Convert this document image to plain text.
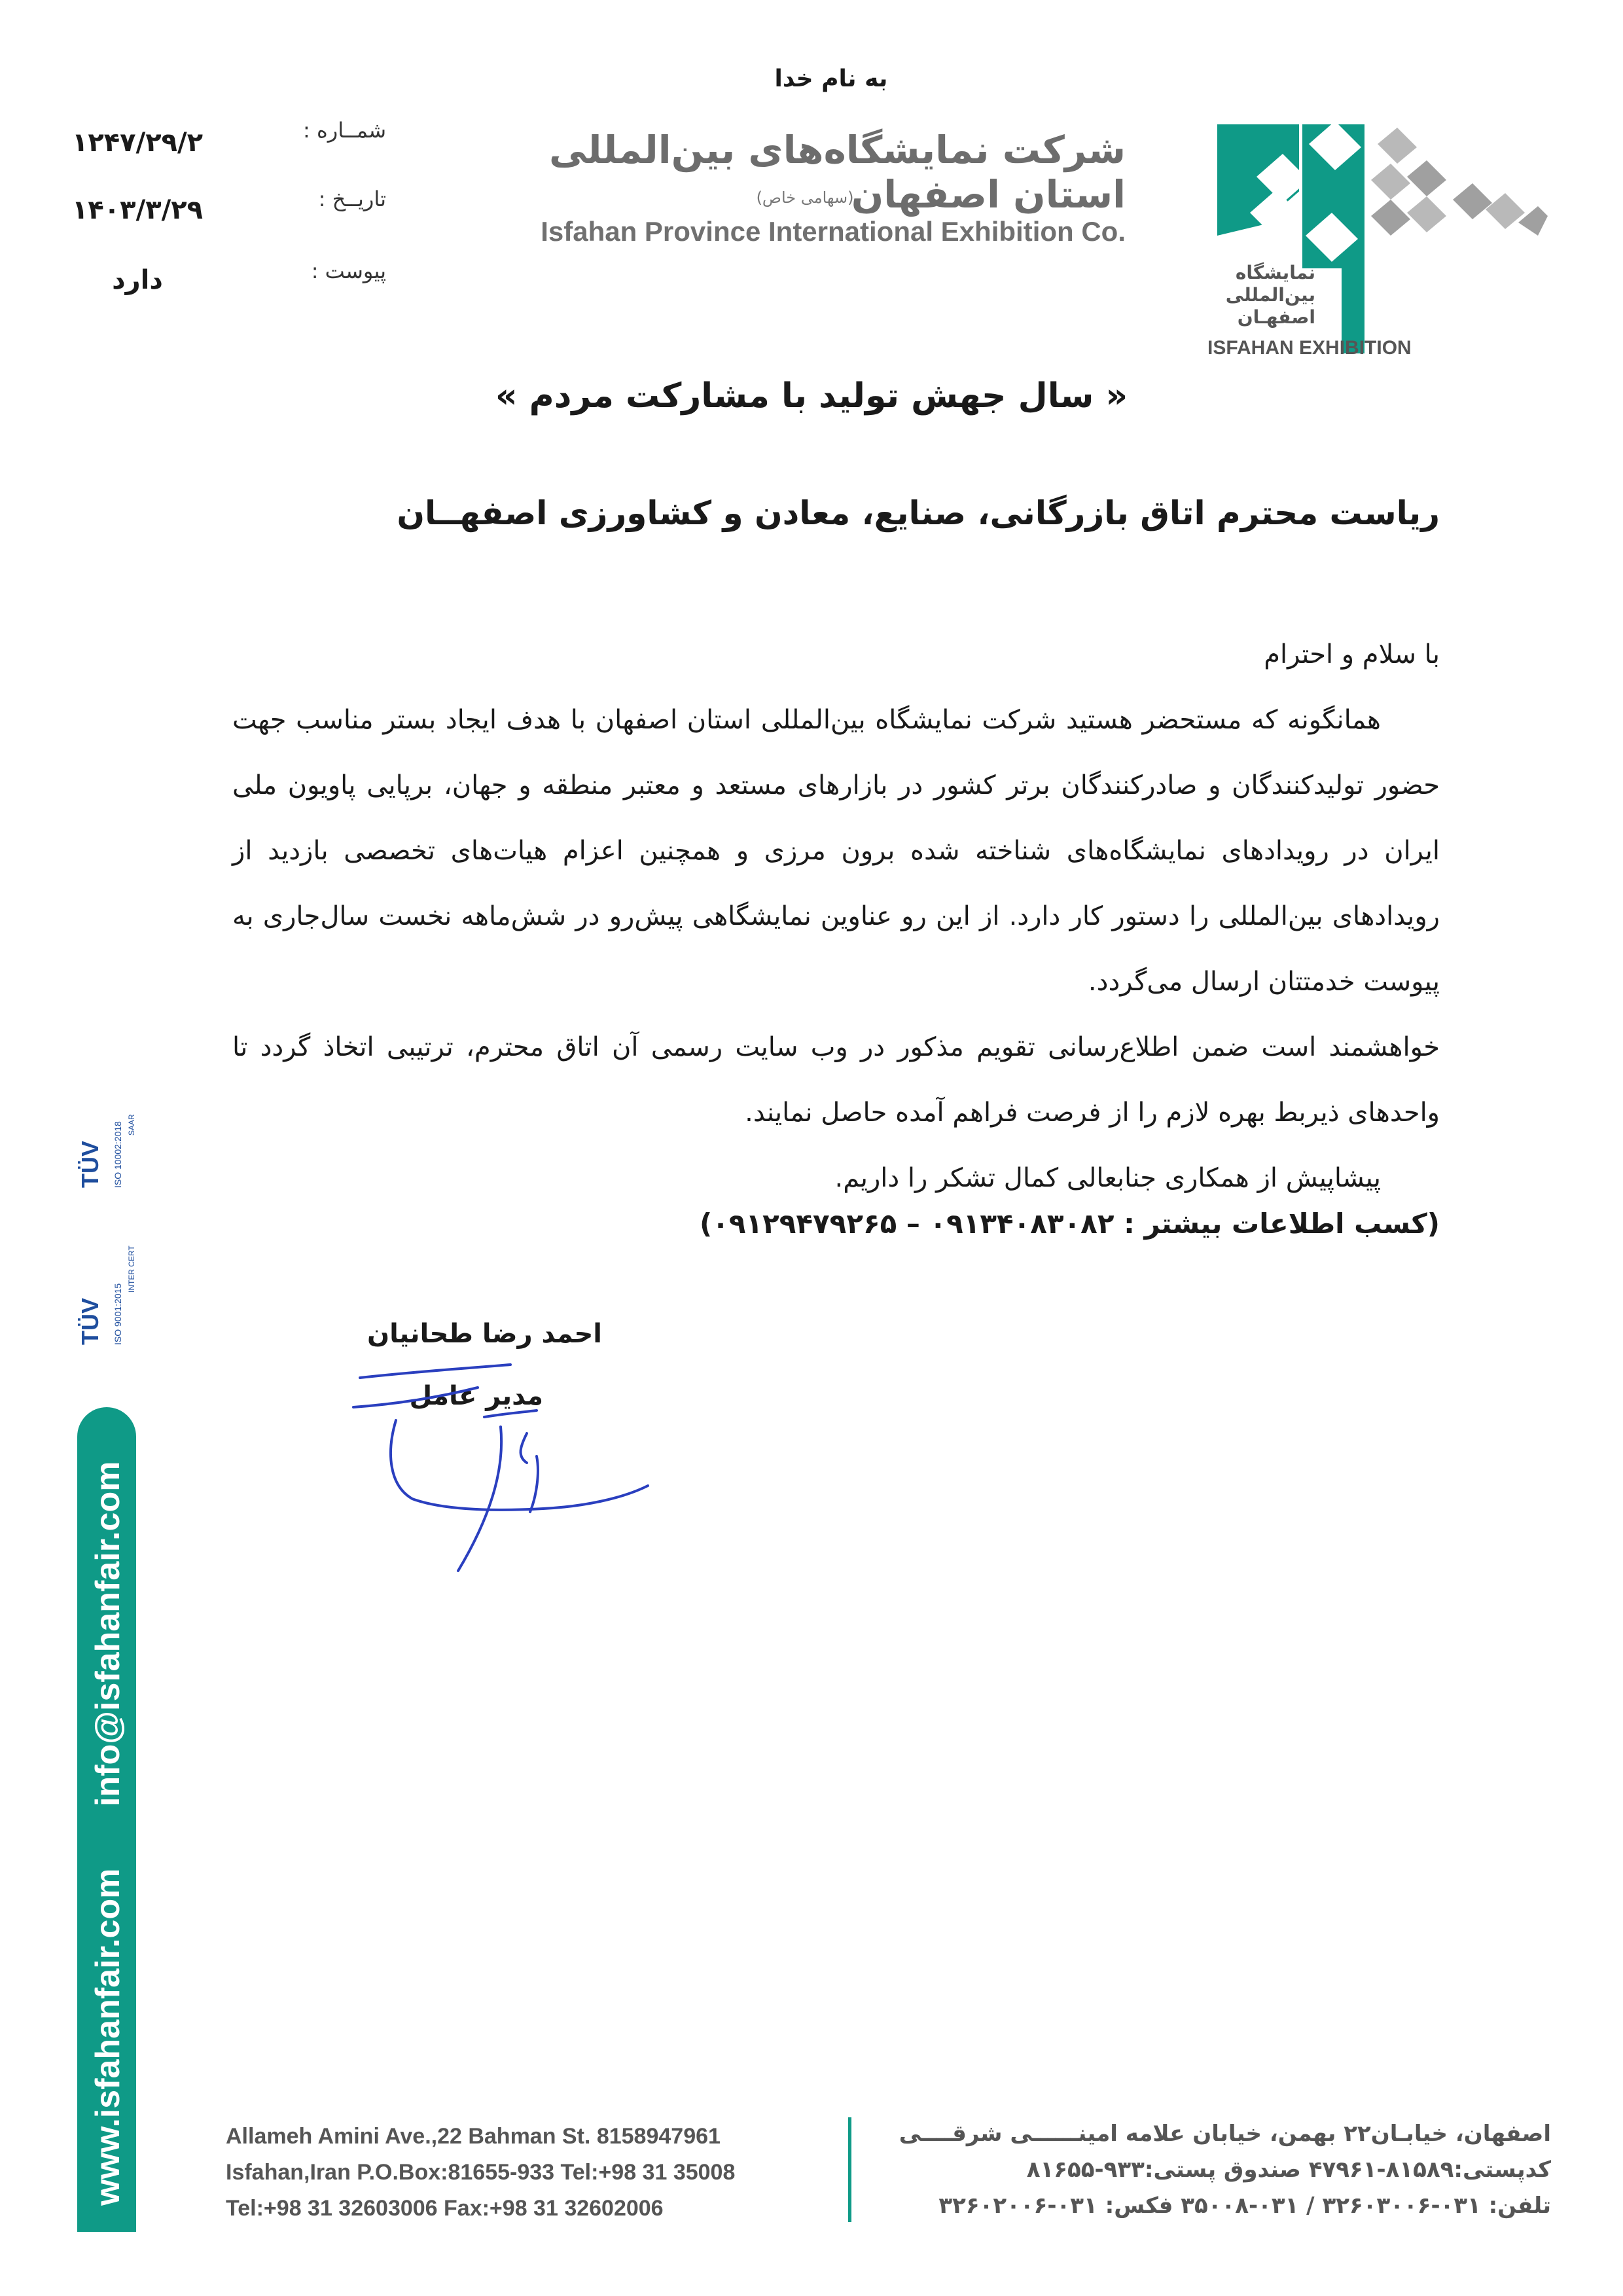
به نام خدا
شمــاره :
۱۲۴۷/۲۹/۲
تاریــخ :
۱۴۰۳/۳/۲۹
پیوست :
دارد
شرکت نمایشگاه‌های بین‌المللی استان اصفهان
(سهامی خاص)
Isfahan Province International Exhibition Co.
نمایشگاه
بین‌المللی
اصفهـان
ISFAHAN EXHIBITION
« سال جهش تولید با مشارکت مردم »
ریاست محترم اتاق بازرگانی، صنایع، معادن و کشاورزی اصفهــان

با سلام و احترام

همانگونه که مستحضر هستید شرکت نمایشگاه بین‌المللی استان اصفهان با هدف ایجاد بستر مناسب جهت حضور تولیدکنندگان و صادرکنندگان برتر کشور در بازارهای مستعد و معتبر منطقه و جهان، برپایی پاویون ملی ایران در رویدادهای نمایشگاه‌های شناخته شده برون مرزی و همچنین اعزام هیات‌های تخصصی بازدید از رویدادهای بین‌المللی را دستور کار دارد. از این رو عناوین نمایشگاهی پیش‌رو در شش‌ماهه نخست سال‌جاری به پیوست خدمتتان ارسال می‌گردد.

خواهشمند است ضمن اطلاع‌رسانی تقویم مذکور در وب سایت رسمی آن اتاق محترم، ترتیبی اتخاذ گردد تا واحدهای ذیربط بهره لازم را از فرصت فراهم آمده حاصل نمایند.

پیشاپیش از همکاری جنابعالی کمال تشکر را داریم.

(کسب اطلاعات بیشتر : ۰۹۱۳۴۰۸۳۰۸۲ – ۰۹۱۲۹۴۷۹۲۶۵)
احمد رضا طحانیان
مدیر عامل
TÜV ISO 9001:2015
TÜV ISO 10002:2018
INTER CERT
SAAR
info@isfahanfair.com
www.isfahanfair.com	Allameh Amini Ave.,22 Bahman St. 8158947961
Isfahan,Iran P.O.Box:81655-933 Tel:+98 31 35008
Tel:+98 31 32603006 Fax:+98 31 32602006
اصفهان، خیابـان۲۲ بهمن، خیابان علامه امینــــــی شرقــــی
کدپستی:۸۱۵۸۹-۴۷۹۶۱ صندوق پستی:۹۳۳-۸۱۶۵۵
تلفن: ۰۳۱-۳۲۶۰۳۰۰۶ / ۰۳۱-۳۵۰۰۸ فکس: ۰۳۱-۳۲۶۰۲۰۰۶
